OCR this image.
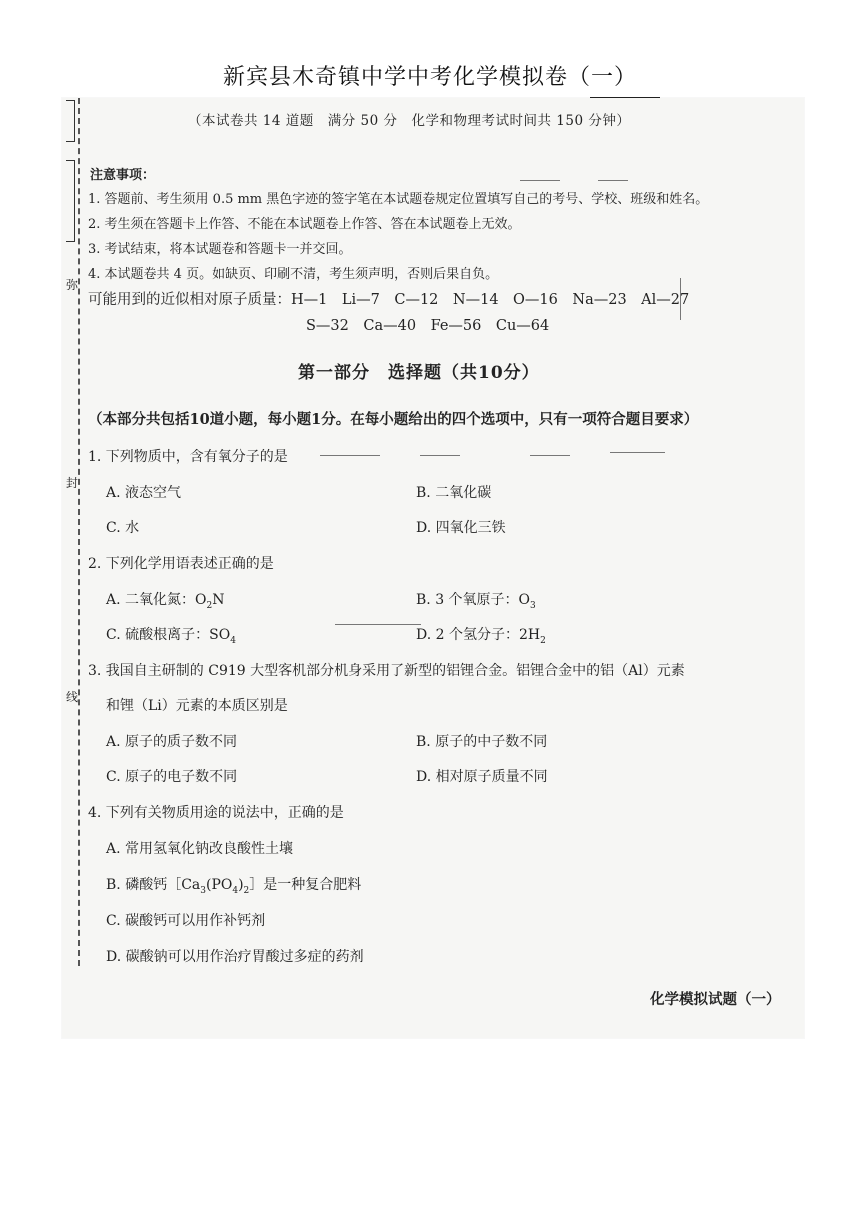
新宾县木奇镇中学中考化学模拟卷（一）
弥
封
线
（本试卷共 14 道题　满分 50 分　化学和物理考试时间共 150 分钟）
注意事项：
1. 答题前、考生须用 0.5 mm 黑色字迹的签字笔在本试题卷规定位置填写自己的考号、学校、班级和姓名。
2. 考生须在答题卡上作答、不能在本试题卷上作答、答在本试题卷上无效。
3. 考试结束，将本试题卷和答题卡一并交回。
4. 本试题卷共 4 页。如缺页、印刷不清，考生须声明，否则后果自负。
可能用到的近似相对原子质量：H—1　Li—7　C—12　N—14　O—16　Na—23　Al—27
S—32　Ca—40　Fe—56　Cu—64
第一部分　选择题（共10分）
（本部分共包括10道小题，每小题1分。在每小题给出的四个选项中，只有一项符合题目要求）
1. 下列物质中，含有氧分子的是
A. 液态空气	B. 二氧化碳
C. 水	D. 四氧化三铁
2. 下列化学用语表述正确的是
A. 二氧化氮：$O_2N$	B. 3 个氧原子：$O_3$
C. 硫酸根离子：$SO_4$	D. 2 个氢分子：$2H_2$
3. 我国自主研制的 C919 大型客机部分机身采用了新型的铝锂合金。铝锂合金中的铝（Al）元素
和锂（Li）元素的本质区别是
A. 原子的质子数不同	B. 原子的中子数不同
C. 原子的电子数不同	D. 相对原子质量不同
4. 下列有关物质用途的说法中，正确的是
A. 常用氢氧化钠改良酸性土壤
B. 磷酸钙$[Ca_3(PO_4)_2]$是一种复合肥料
C. 碳酸钙可以用作补钙剂
D. 碳酸钠可以用作治疗胃酸过多症的药剂
化学模拟试题（一）
